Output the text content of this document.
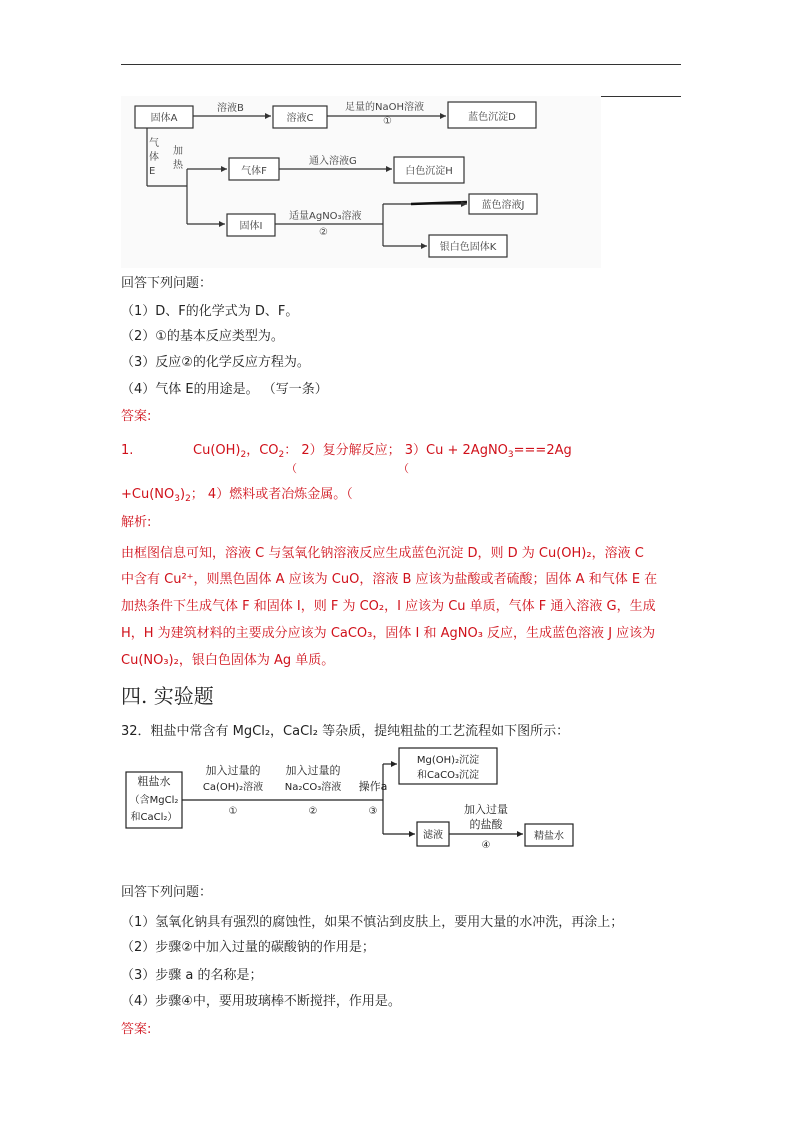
固体A
溶液B
溶液C
足量的NaOH溶液
①	蓝色沉淀D
气
体
E
加
热
气体F
通入溶液G
白色沉淀H
固体I
适量AgNO₃溶液
②
蓝色溶液J
银白色固体K
回答下列问题：
（1）D、F的化学式为 D、F。
（2）①的基本反应类型为。
（3）反应②的化学反应方程为。
（4）气体 E的用途是。 （写一条）
答案:
1.	$Cu(OH)_2$，$CO_2$： 2）复分解反应； 3）Cu + 2AgNO$_3$===2Ag
（	（
$+Cu(NO_3)_2$； 4）燃料或者冶炼金属。（
解析:
由框图信息可知，溶液 C 与氢氧化钠溶液反应生成蓝色沉淀 D，则 D 为 Cu(OH)₂，溶液 C
中含有 Cu²⁺，则黑色固体 A 应该为 CuO，溶液 B 应该为盐酸或者硫酸；固体 A 和气体 E 在
加热条件下生成气体 F 和固体 I，则 F 为 CO₂，I 应该为 Cu 单质，气体 F 通入溶液 G，生成
H，H 为建筑材料的主要成分应该为 CaCO₃，固体 I 和 AgNO₃ 反应，生成蓝色溶液 J 应该为
Cu(NO₃)₂，银白色固体为 Ag 单质。
四. 实验题
32．粗盐中常含有 MgCl₂，CaCl₂ 等杂质，提纯粗盐的工艺流程如下图所示：
粗盐水
（含MgCl₂
和CaCl₂）
加入过量的
Ca(OH)₂溶液
①
加入过量的
Na₂CO₃溶液
②
操作a
③
Mg(OH)₂沉淀
和CaCO₃沉淀
滤液
加入过量
的盐酸
④
精盐水
回答下列问题：
（1）氢氧化钠具有强烈的腐蚀性，如果不慎沾到皮肤上，要用大量的水冲洗，再涂上；
（2）步骤②中加入过量的碳酸钠的作用是；
（3）步骤 a 的名称是；
（4）步骤④中，要用玻璃棒不断搅拌，作用是。
答案:
